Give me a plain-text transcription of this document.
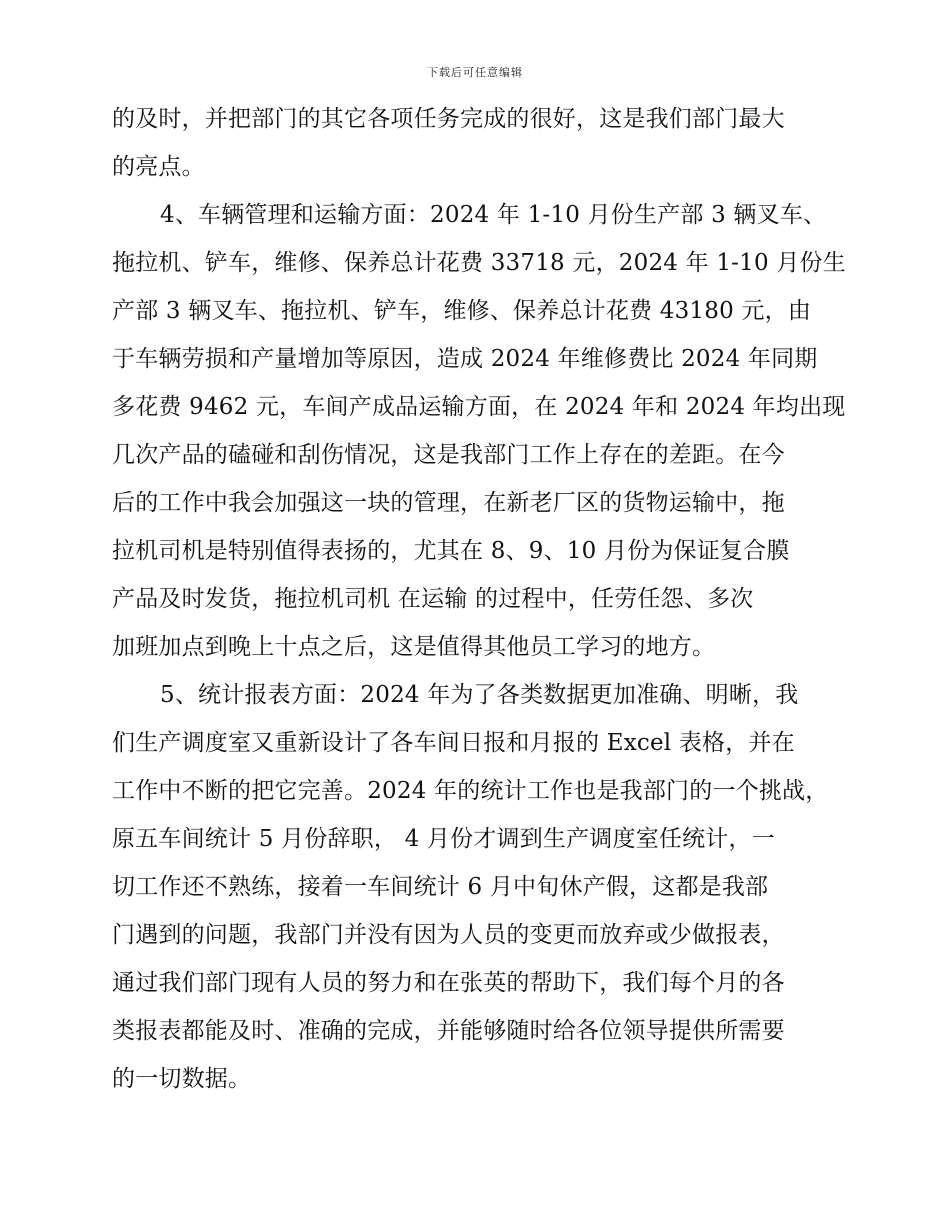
下载后可任意编辑
的及时，并把部门的其它各项任务完成的很好，这是我们部门最大
的亮点。
4、车辆管理和运输方面：2024 年 1-10 月份生产部 3 辆叉车、
拖拉机、铲车，维修、保养总计花费 33718 元，2024 年 1-10 月份生
产部 3 辆叉车、拖拉机、铲车，维修、保养总计花费 43180 元，由
于车辆劳损和产量增加等原因，造成 2024 年维修费比 2024 年同期
多花费 9462 元，车间产成品运输方面，在 2024 年和 2024 年均出现
几次产品的磕碰和刮伤情况，这是我部门工作上存在的差距。在今
后的工作中我会加强这一块的管理，在新老厂区的货物运输中，拖
拉机司机是特别值得表扬的，尤其在 8、9、10 月份为保证复合膜
产品及时发货，拖拉机司机 在运输 的过程中，任劳任怨、多次
加班加点到晚上十点之后，这是值得其他员工学习的地方。
5、统计报表方面：2024 年为了各类数据更加准确、明晰，我
们生产调度室又重新设计了各车间日报和月报的 Excel 表格，并在
工作中不断的把它完善。2024 年的统计工作也是我部门的一个挑战，
原五车间统计 5 月份辞职， 4 月份才调到生产调度室任统计，一
切工作还不熟练，接着一车间统计 6 月中旬休产假，这都是我部
门遇到的问题，我部门并没有因为人员的变更而放弃或少做报表，
通过我们部门现有人员的努力和在张英的帮助下，我们每个月的各
类报表都能及时、准确的完成，并能够随时给各位领导提供所需要
的一切数据。
